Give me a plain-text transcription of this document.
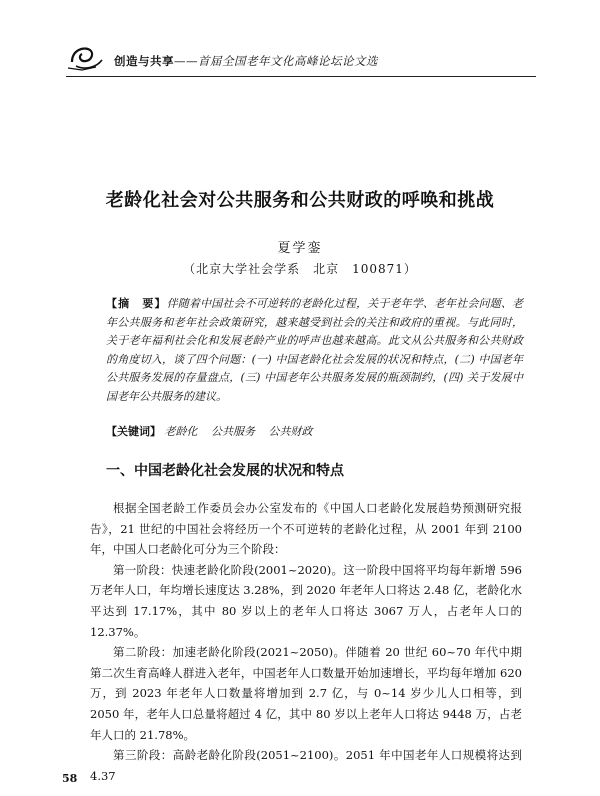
创造与共享——首届全国老年文化高峰论坛论文选
老龄化社会对公共服务和公共财政的呼唤和挑战
夏学銮
（北京大学社会学系　北京　100871）
【摘　要】伴随着中国社会不可逆转的老龄化过程，关于老年学、老年社会问题、老年公共服务和老年社会政策研究，越来越受到社会的关注和政府的重视。与此同时，关于老年福利社会化和发展老龄产业的呼声也越来越高。此文从公共服务和公共财政的角度切入，谈了四个问题：(一) 中国老龄化社会发展的状况和特点，(二) 中国老年公共服务发展的存量盘点，(三) 中国老年公共服务发展的瓶颈制约，(四) 关于发展中国老年公共服务的建议。
【关键词】 老龄化 公共服务 公共财政
一、中国老龄化社会发展的状况和特点

根据全国老龄工作委员会办公室发布的《中国人口老龄化发展趋势预测研究报告》，21 世纪的中国社会将经历一个不可逆转的老龄化过程，从 2001 年到 2100 年，中国人口老龄化可分为三个阶段：

第一阶段：快速老龄化阶段(2001~2020)。这一阶段中国将平均每年新增 596 万老年人口，年均增长速度达 3.28%，到 2020 年老年人口将达 2.48 亿，老龄化水平达到 17.17%，其中 80 岁以上的老年人口将达 3067 万人，占老年人口的 12.37%。

第二阶段：加速老龄化阶段(2021~2050)。伴随着 20 世纪 60~70 年代中期第二次生育高峰人群进入老年，中国老年人口数量开始加速增长，平均每年增加 620 万，到 2023 年老年人口数量将增加到 2.7 亿，与 0~14 岁少儿人口相等，到 2050 年，老年人口总量将超过 4 亿，其中 80 岁以上老年人口将达 9448 万，占老年人口的 21.78%。

第三阶段：高龄老龄化阶段(2051~2100)。2051 年中国老年人口规模将达到 4.37

58
